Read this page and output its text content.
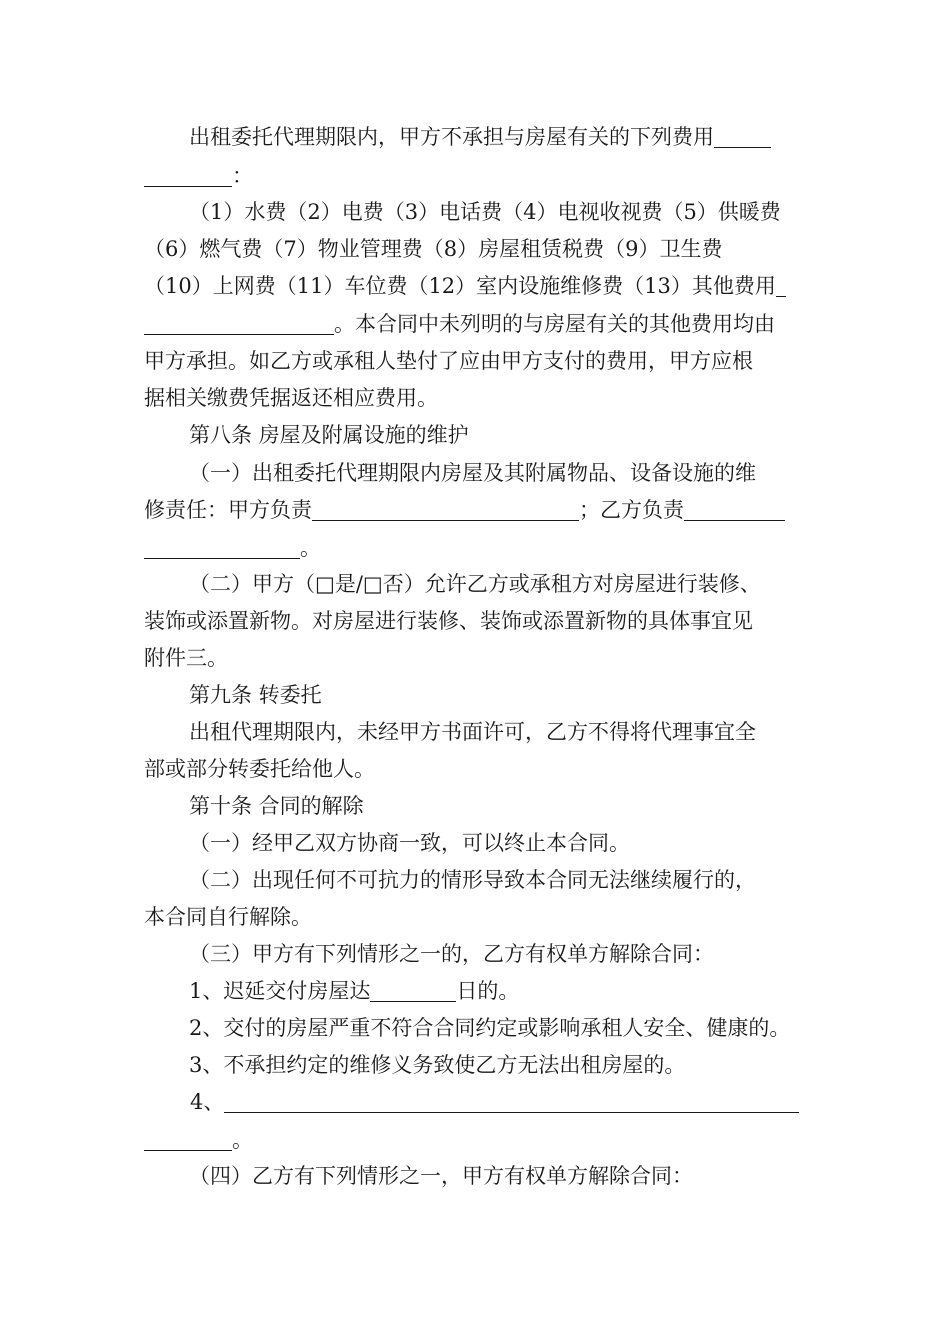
出租委托代理期限内，甲方不承担与房屋有关的下列费用
：
（1）水费（2）电费（3）电话费（4）电视收视费（5）供暖费
（6）燃气费（7）物业管理费（8）房屋租赁税费（9）卫生费
（10）上网费（11）车位费（12）室内设施维修费（13）其他费用
。本合同中未列明的与房屋有关的其他费用均由
甲方承担。如乙方或承租人垫付了应由甲方支付的费用，甲方应根
据相关缴费凭据返还相应费用。
第八条 房屋及附属设施的维护
（一）出租委托代理期限内房屋及其附属物品、设备设施的维
修责任：甲方负责	；乙方负责
。
（二）甲方（□是/□否）允许乙方或承租方对房屋进行装修、
装饰或添置新物。对房屋进行装修、装饰或添置新物的具体事宜见
附件三。
第九条 转委托
出租代理期限内，未经甲方书面许可，乙方不得将代理事宜全
部或部分转委托给他人。
第十条 合同的解除
（一）经甲乙双方协商一致，可以终止本合同。
（二）出现任何不可抗力的情形导致本合同无法继续履行的，
本合同自行解除。
（三）甲方有下列情形之一的，乙方有权单方解除合同：
1、迟延交付房屋达	日的。
2、交付的房屋严重不符合合同约定或影响承租人安全、健康的。
3、不承担约定的维修义务致使乙方无法出租房屋的。
4、
。
（四）乙方有下列情形之一，甲方有权单方解除合同：
